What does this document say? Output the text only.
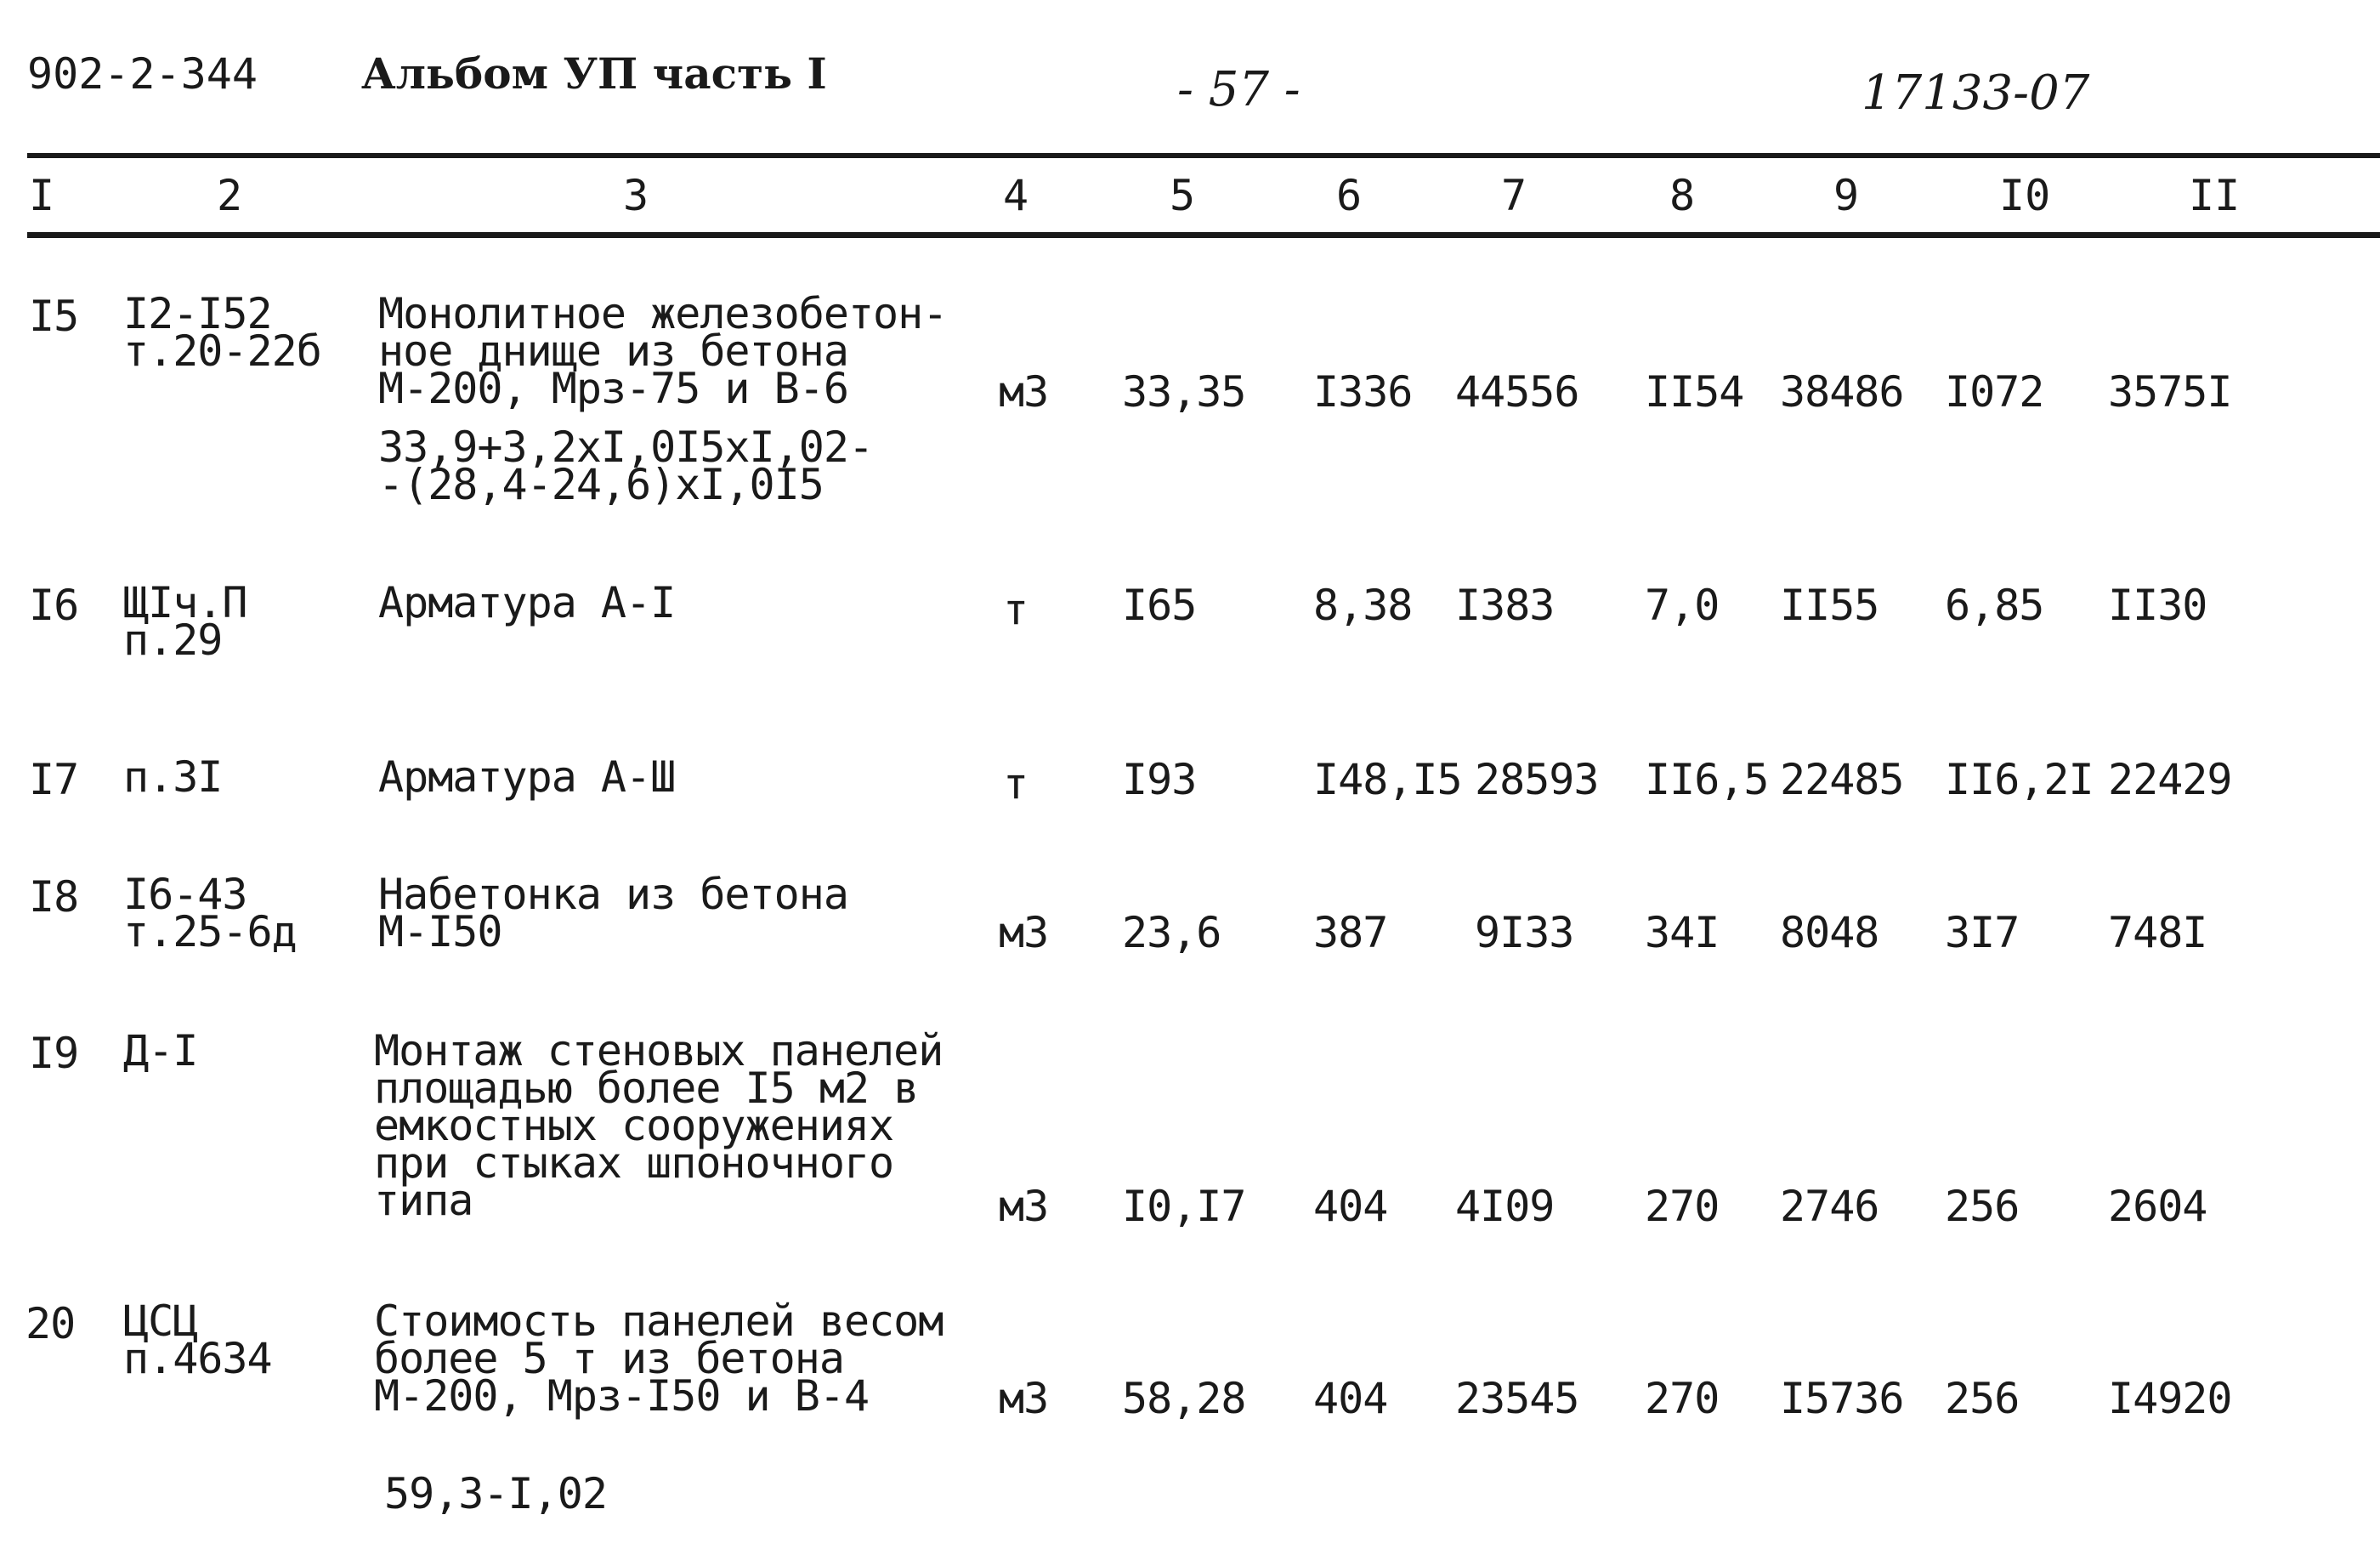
902-2-344 Альбом УП часть I	- 57 -	17133-07
I	2	3	4	5	6	7	8	9	I0	II
I5 I2-I52
т.20-22б
Монолитное железобетон-
ное днище из бетона
М-200, Мрз-75 и В-6
33,9+3,2хI,0I5хI,02-
-(28,4-24,6)хI,0I5
м3 33,35 I336 44556 II54 38486 I072 3575I
I6 ЩIч.П
п.29
Арматура А-I	т I65	8,38 I383 7,0 II55 6,85 II30
I7 п.3I	Арматура А-Ш	т I93	I48,I5 28593 II6,5 22485 II6,2I 22429
I8 I6-43
т.25-6д
Набетонка из бетона
М-I50	м3 23,6 387 9I33 34I 8048 3I7 748I
I9 Д-I	Монтаж стеновых панелей
площадью более I5 м2 в
емкостных сооружениях
при стыках шпоночного
типа	м3 I0,I7 404 4I09 270 2746 256 2604
20 ЦСЦ
п.4634
Стоимость панелей весом
более 5 т из бетона
М-200, Мрз-I50 и В-4
59,3-I,02
м3 58,28 404 23545 270 I5736 256 I4920
